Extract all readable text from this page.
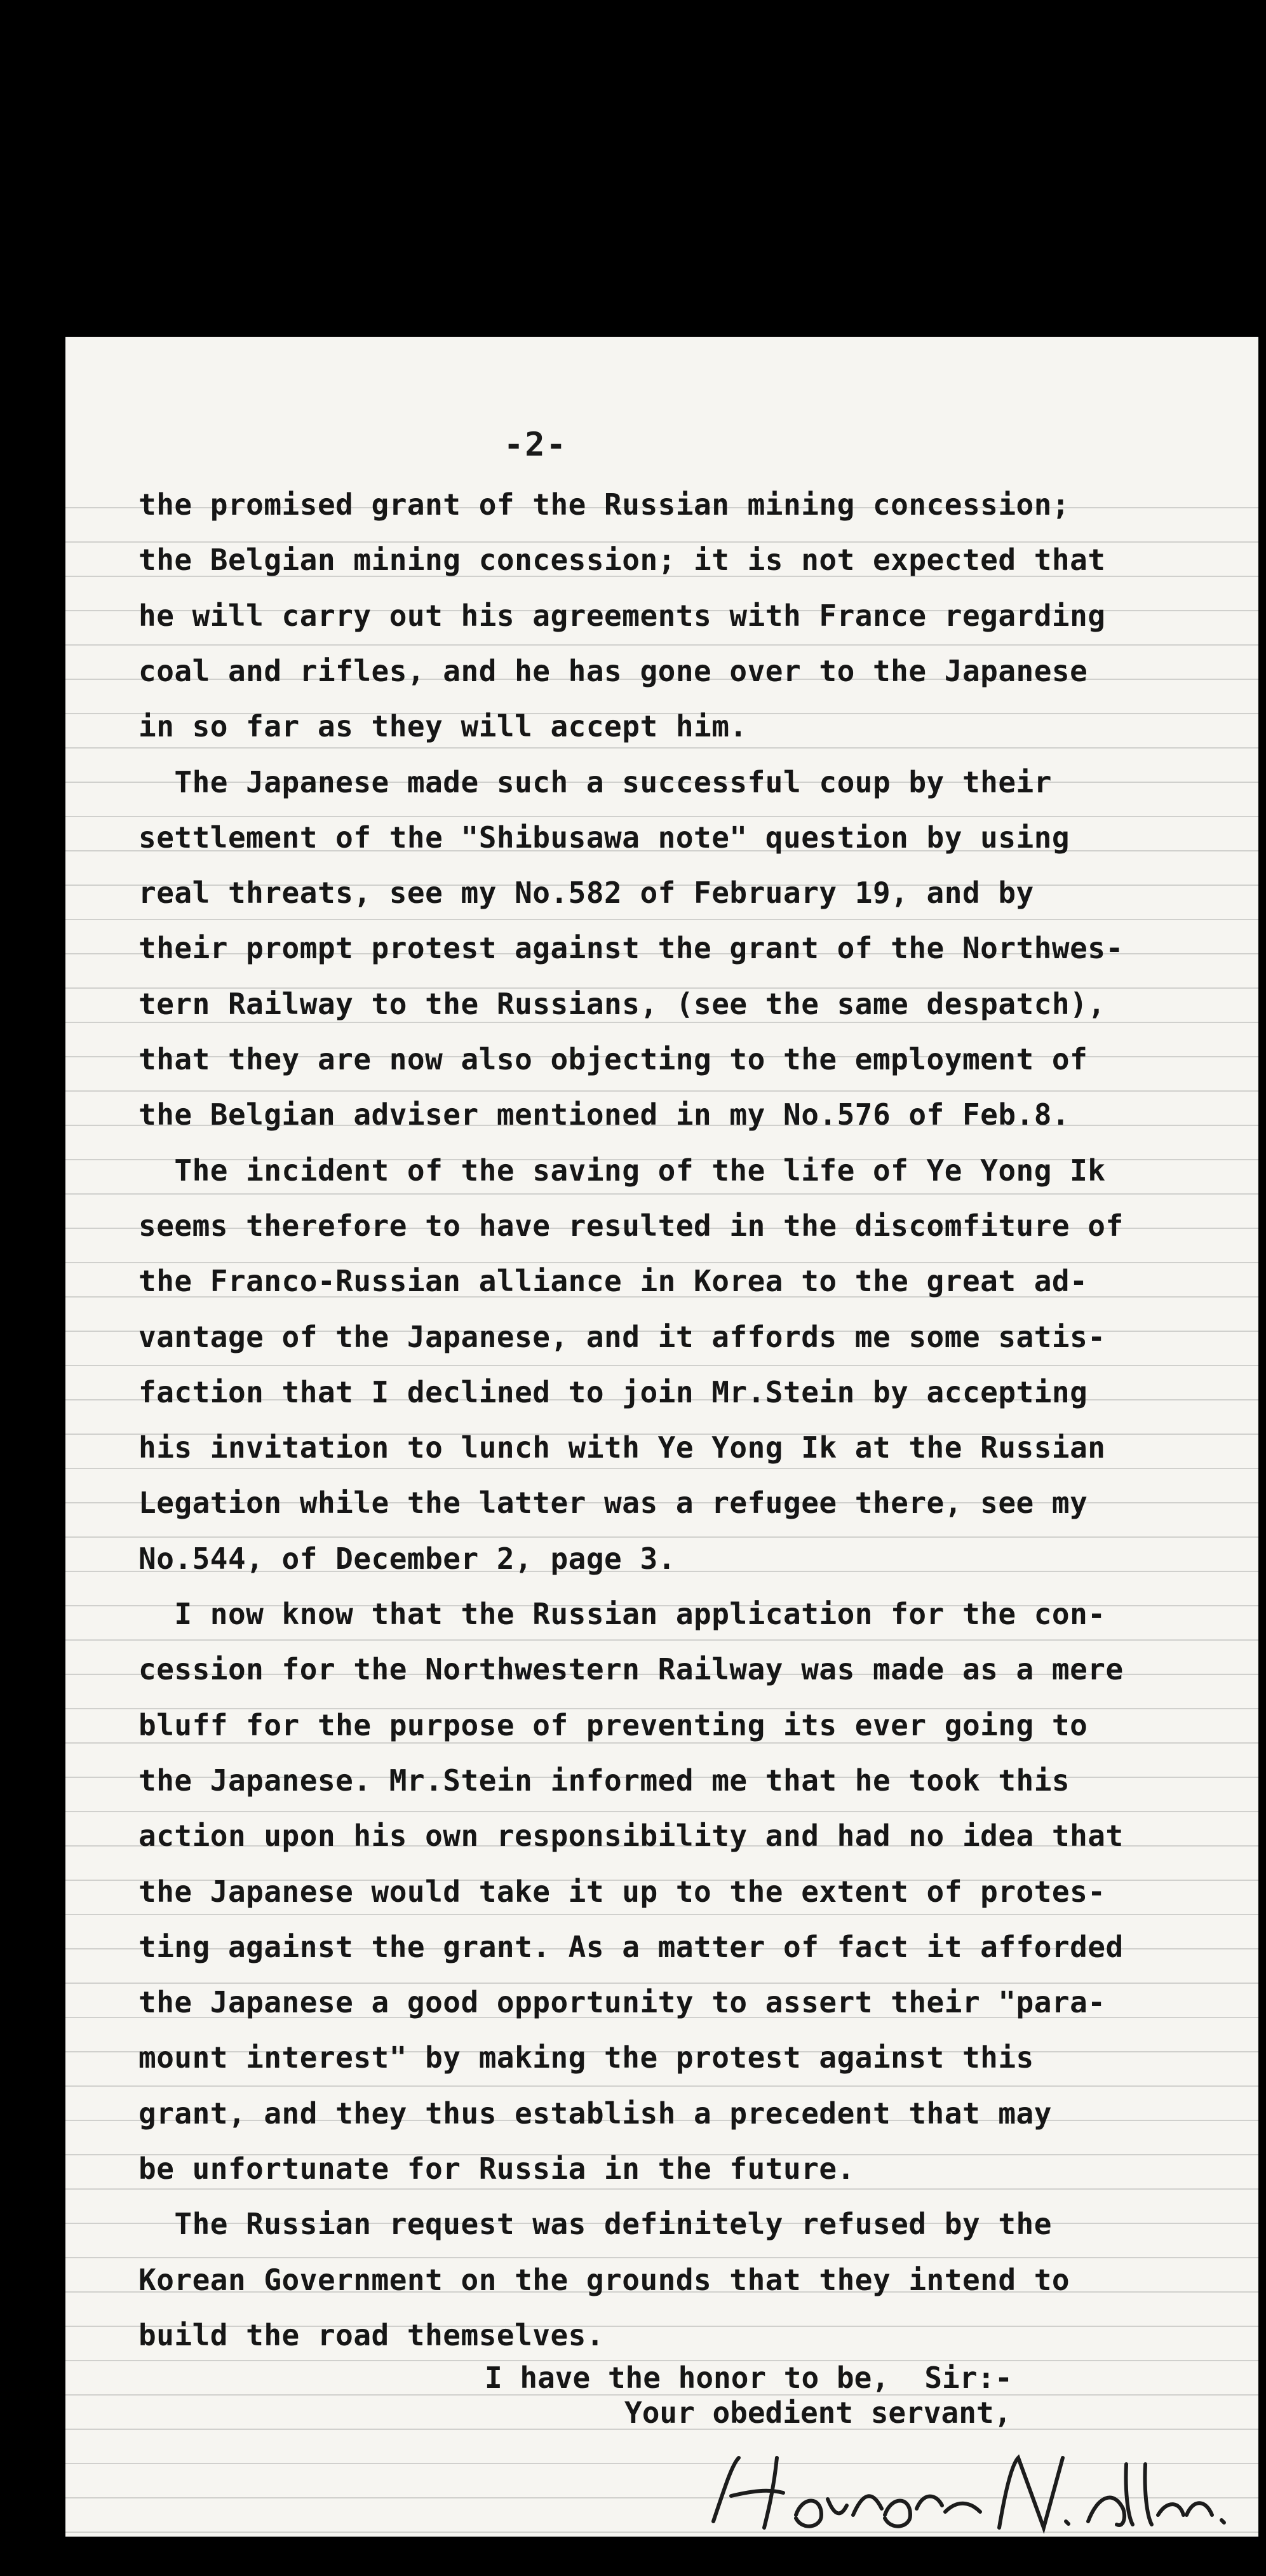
-2-

the promised grant of the Russian mining concession;

the Belgian mining concession; it is not expected that

he will carry out his agreements with France regarding

coal and rifles, and he has gone over to the Japanese

in so far as they will accept him.

The Japanese made such a successful coup by their

settlement of the "Shibusawa note" question by using

real threats, see my No.582 of February 19, and by

their prompt protest against the grant of the Northwes-

tern Railway to the Russians, (see the same despatch),

that they are now also objecting to the employment of

the Belgian adviser mentioned in my No.576 of Feb.8.

The incident of the saving of the life of Ye Yong Ik

seems therefore to have resulted in the discomfiture of

the Franco-Russian alliance in Korea to the great ad-

vantage of the Japanese, and it affords me some satis-

faction that I declined to join Mr.Stein by accepting

his invitation to lunch with Ye Yong Ik at the Russian

Legation while the latter was a refugee there, see my

No.544, of December 2, page 3.

I now know that the Russian application for the con-

cession for the Northwestern Railway was made as a mere

bluff for the purpose of preventing its ever going to

the Japanese. Mr.Stein informed me that he took this

action upon his own responsibility and had no idea that

the Japanese would take it up to the extent of protes-

ting against the grant. As a matter of fact it afforded

the Japanese a good opportunity to assert their "para-

mount interest" by making the protest against this

grant, and they thus establish a precedent that may

be unfortunate for Russia in the future.

The Russian request was definitely refused by the

Korean Government on the grounds that they intend to

build the road themselves.

I have the honor to be,  Sir:-

Your obedient servant,
